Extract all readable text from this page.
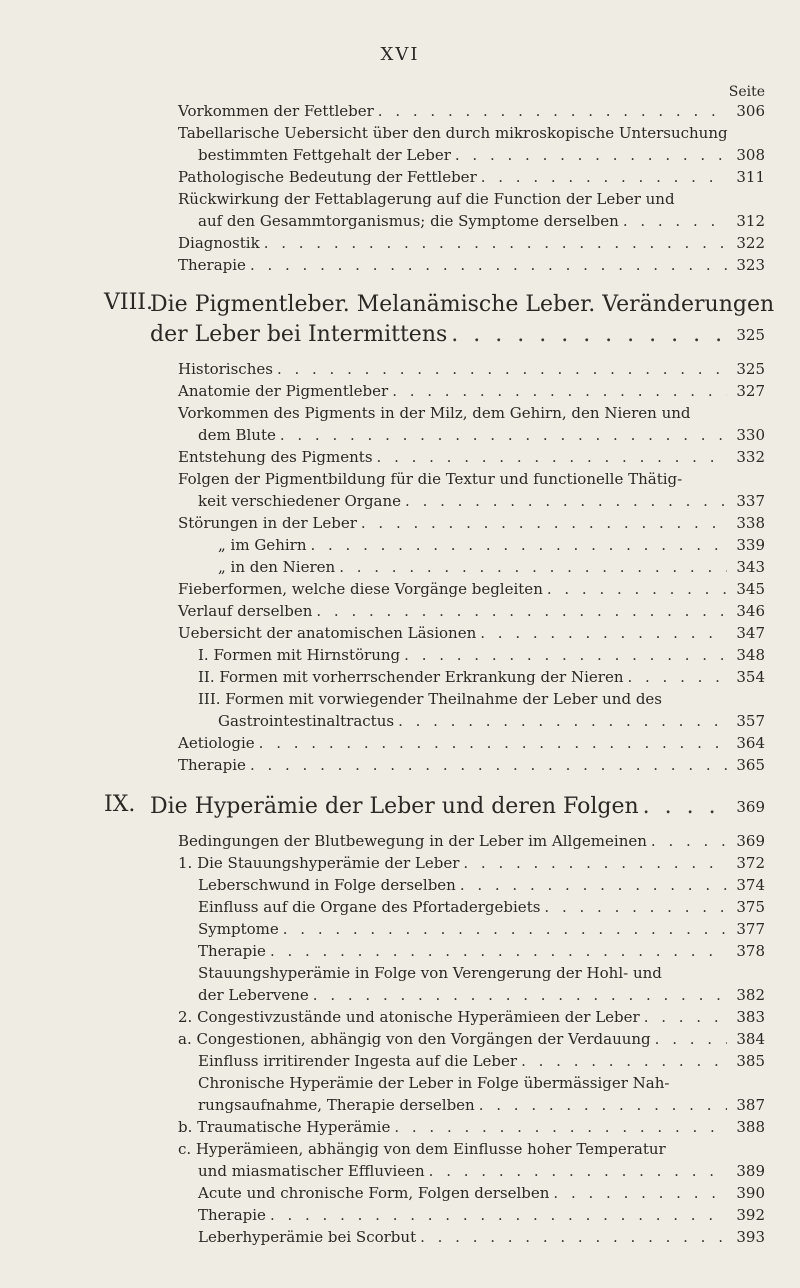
XVI
Seite
Vorkommen der Fettleber . . .	306
Tabellarische Uebersicht über den durch mikroskopische Untersuchung
bestimmten Fettgehalt der Leber . . .	308
Pathologische Bedeutung der Fettleber . . .	311
Rückwirkung der Fettablagerung auf die Function der Leber und
auf den Gesammtorganismus; die Symptome derselben . . .	312
Diagnostik . . .	322
Therapie . . .	323
VIII.
Die Pigmentleber. Melanämische Leber. Veränderungen
der Leber bei Intermittens . . .	325
Historisches . . .	325
Anatomie der Pigmentleber . . .	327
Vorkommen des Pigments in der Milz, dem Gehirn, den Nieren und
dem Blute . . .	330
Entstehung des Pigments . . .	332
Folgen der Pigmentbildung für die Textur und functionelle Thätig-
keit verschiedener Organe . . .	337
Störungen in der Leber . . .	338
„ im Gehirn . . .	339
„ in den Nieren . . .	343
Fieberformen, welche diese Vorgänge begleiten . . .	345
Verlauf derselben . . .	346
Uebersicht der anatomischen Läsionen . . .	347
I. Formen mit Hirnstörung . . .	348
II. Formen mit vorherrschender Erkrankung der Nieren . . .	354
III. Formen mit vorwiegender Theilnahme der Leber und des
Gastrointestinaltractus . . .	357
Aetiologie . . .	364
Therapie . . .	365
IX. Die Hyperämie der Leber und deren Folgen . . .	369
Bedingungen der Blutbewegung in der Leber im Allgemeinen . . .	369
1. Die Stauungshyperämie der Leber . . .	372
Leberschwund in Folge derselben . . .	374
Einfluss auf die Organe des Pfortadergebiets . . .	375
Symptome . . .	377
Therapie . . .	378
Stauungshyperämie in Folge von Verengerung der Hohl- und
der Lebervene . . .	382
2. Congestivzustände und atonische Hyperämieen der Leber . . .	383
a. Congestionen, abhängig von den Vorgängen der Verdauung . . .	384
Einfluss irritirender Ingesta auf die Leber . . .	385
Chronische Hyperämie der Leber in Folge übermässiger Nah-
rungsaufnahme, Therapie derselben . . .	387
b. Traumatische Hyperämie . . .	388
c. Hyperämieen, abhängig von dem Einflusse hoher Temperatur
und miasmatischer Effluvieen . . .	389
Acute und chronische Form, Folgen derselben . . .	390
Therapie . . .	392
Leberhyperämie bei Scorbut . . .	393
